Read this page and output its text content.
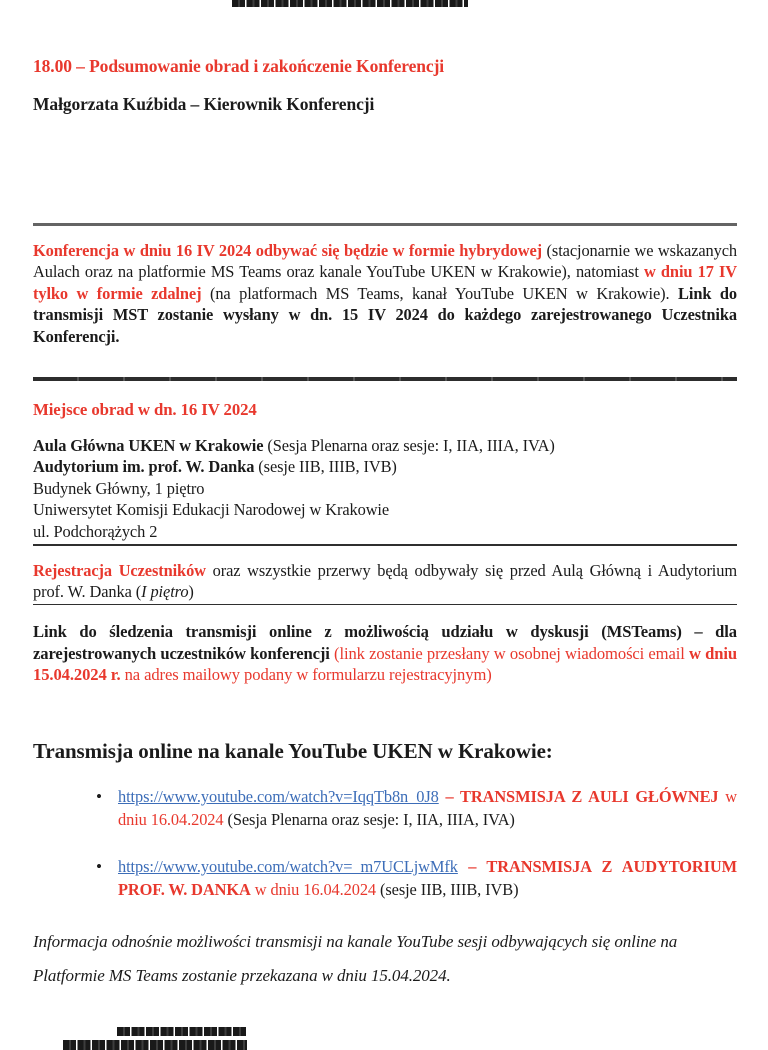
18.00 – Podsumowanie obrad i zakończenie Konferencji
Małgorzata Kuźbida – Kierownik Konferencji

Konferencja w dniu 16 IV 2024 odbywać się będzie w formie hybrydowej (stacjonarnie we wskazanych Aulach oraz na platformie MS Teams oraz kanale YouTube UKEN w Krakowie), natomiast w dniu 17 IV tylko w formie zdalnej (na platformach MS Teams, kanał YouTube UKEN w Krakowie). Link do transmisji MST zostanie wysłany w dn. 15 IV 2024 do każdego zarejestrowanego Uczestnika Konferencji.

Miejsce obrad w dn. 16 IV 2024
Aula Główna UKEN w Krakowie (Sesja Plenarna oraz sesje: I, IIA, IIIA, IVA)
Audytorium im. prof. W. Danka (sesje IIB, IIIB, IVB)
Budynek Główny, 1 piętro
Uniwersytet Komisji Edukacji Narodowej w Krakowie
ul. Podchorążych 2

Rejestracja Uczestników oraz wszystkie przerwy będą odbywały się przed Aulą Główną i Audytorium prof. W. Danka (I piętro)

Link do śledzenia transmisji online z możliwością udziału w dyskusji (MSTeams) – dla zarejestrowanych uczestników konferencji (link zostanie przesłany w osobnej wiadomości email w dniu 15.04.2024 r. na adres mailowy podany w formularzu rejestracyjnym)

Transmisja online na kanale YouTube UKEN w Krakowie:
• https://www.youtube.com/watch?v=IqqTb8n_0J8 – TRANSMISJA Z AULI GŁÓWNEJ w dniu 16.04.2024 (Sesja Plenarna oraz sesje: I, IIA, IIIA, IVA)
• https://www.youtube.com/watch?v=_m7UCLjwMfk – TRANSMISJA Z AUDYTORIUM PROF. W. DANKA w dniu 16.04.2024 (sesje IIB, IIIB, IVB)

Informacja odnośnie możliwości transmisji na kanale YouTube sesji odbywających się online na Platformie MS Teams zostanie przekazana w dniu 15.04.2024.
